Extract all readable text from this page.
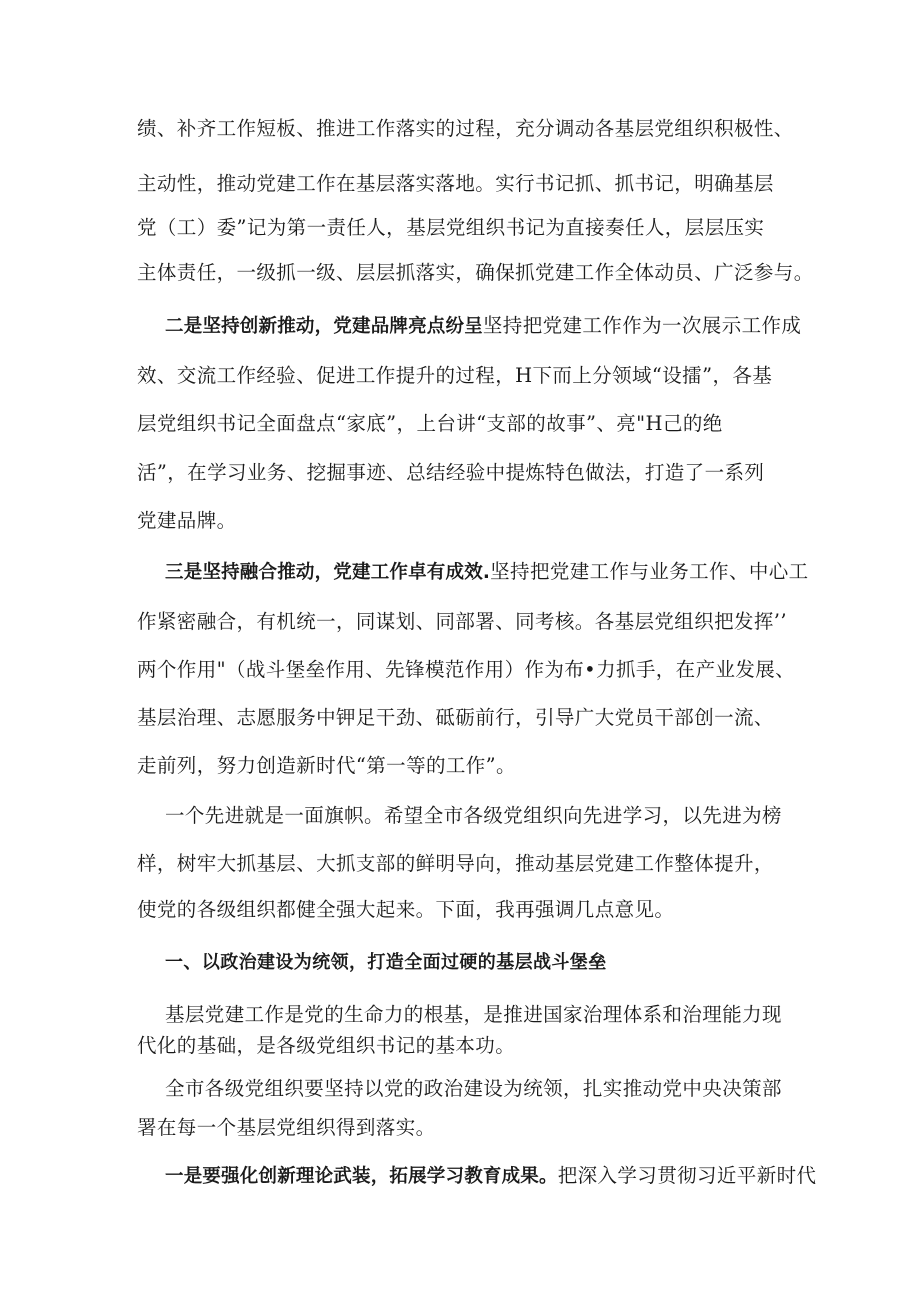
绩、补齐工作短板、推进工作落实的过程，充分调动各基层党组织积极性、
主动性，推动党建工作在基层落实落地。实行书记抓、抓书记，明确基层
党（工）委”记为第一责任人，基层党组织书记为直接奏任人，层层压实
主体责任，一级抓一级、层层抓落实，确保抓党建工作全体动员、广泛参与。
二是坚持创新推动，党建品牌亮点纷呈坚持把党建工作作为一次展示工作成
效、交流工作经验、促进工作提升的过程，H下而上分领域“设擂”，各基
层党组织书记全面盘点“家底”，上台讲“支部的故事”、亮"H己的绝
活”，在学习业务、挖掘事迹、总结经验中提炼特色做法，打造了一系列
党建品牌。
三是坚持融合推动，党建工作卓有成效.坚持把党建工作与业务工作、中心工
作紧密融合，有机统一，同谋划、同部署、同考核。各基层党组织把发挥’’
两个作用"（战斗堡垒作用、先锋模范作用）作为布•力抓手，在产业发展、
基层治理、志愿服务中钾足干劲、砥砺前行，引导广大党员干部创一流、
走前列，努力创造新时代“第一等的工作”。
一个先进就是一面旗帜。希望全市各级党组织向先进学习，以先进为榜
样，树牢大抓基层、大抓支部的鲜明导向，推动基层党建工作整体提升，
使党的各级组织都健全强大起来。下面，我再强调几点意见。
一、以政治建设为统领，打造全面过硬的基层战斗堡垒
基层党建工作是党的生命力的根基，是推进国家治理体系和治理能力现
代化的基础，是各级党组织书记的基本功。
全市各级党组织要坚持以党的政治建设为统领，扎实推动党中央决策部
署在每一个基层党组织得到落实。
一是要强化创新理论武装，拓展学习教育成果。把深入学习贯彻习近平新时代
